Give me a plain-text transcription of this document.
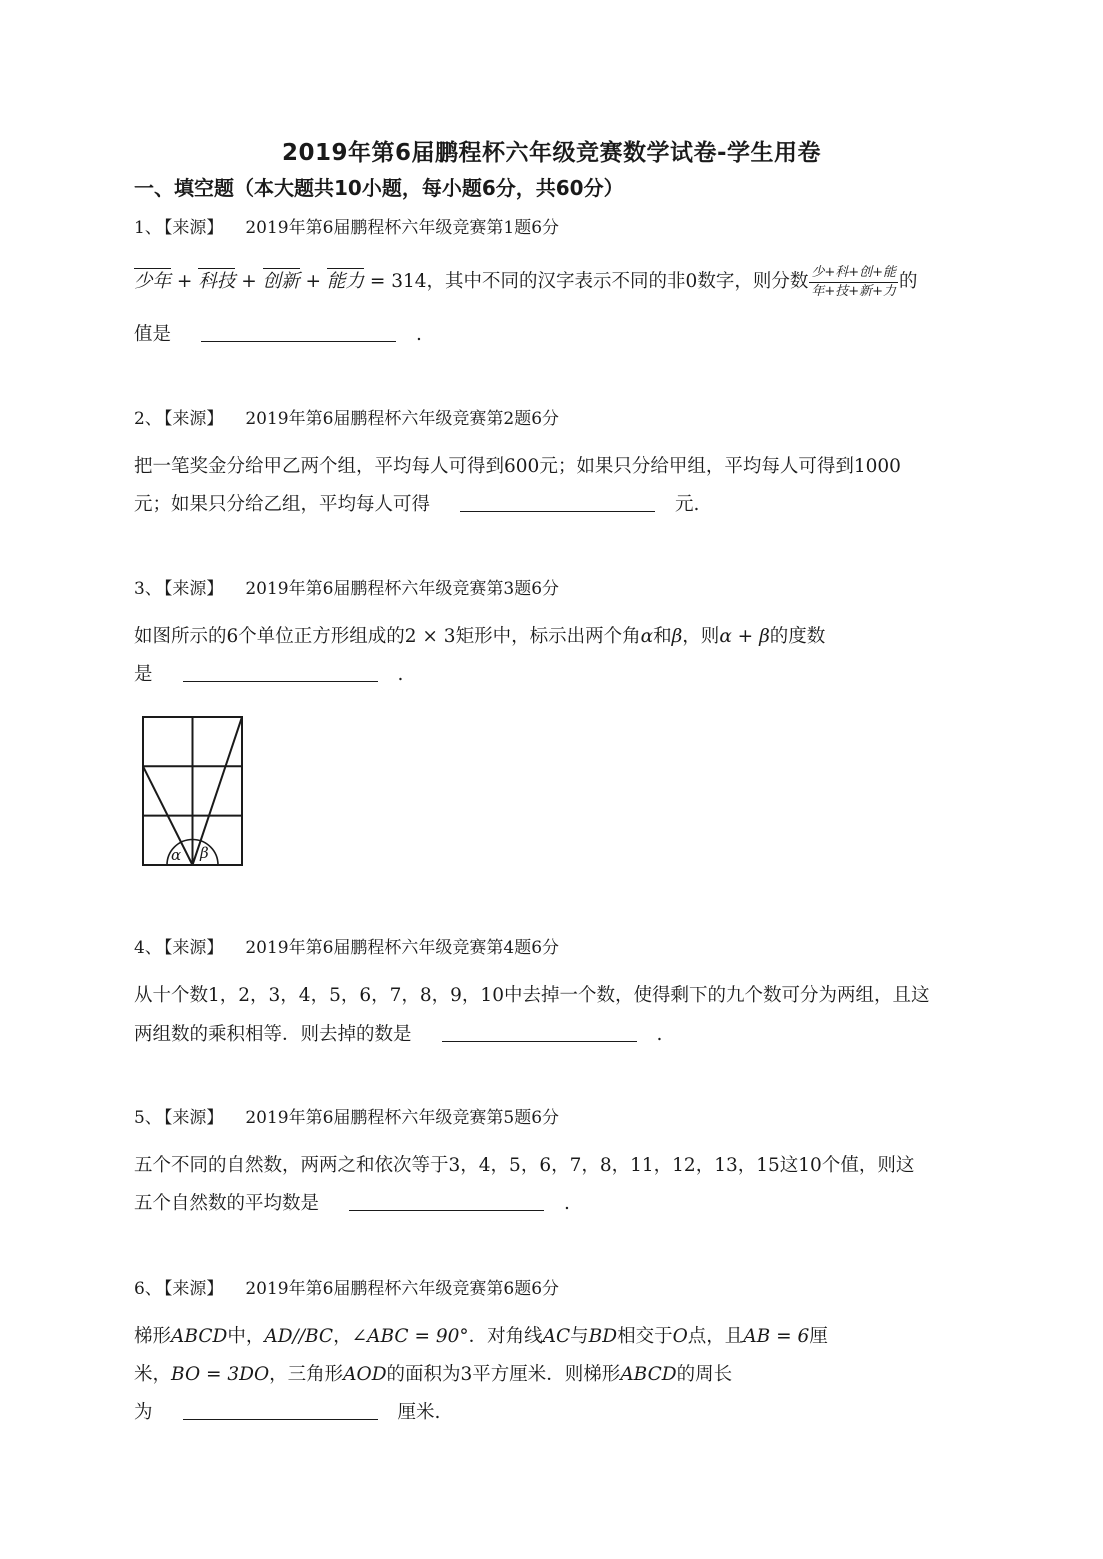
2019年第6届鹏程杯六年级竞赛数学试卷-学生用卷
一、填空题（本大题共10小题，每小题6分，共60分）
1、 【来源】 2019年第6届鹏程杯六年级竞赛第1题6分
少年 + 科技 + 创新 + 能力 = 314，其中不同的汉字表示不同的非0数字，则分数 $\frac{\text{少+科+创+能}}{\text{年+技+新+力}}$ 的
值是	.
2、 【来源】 2019年第6届鹏程杯六年级竞赛第2题6分
把一笔奖金分给甲乙两个组，平均每人可得到600元；如果只分给甲组，平均每人可得到1000
元；如果只分给乙组，平均每人可得	元.
3、 【来源】 2019年第6届鹏程杯六年级竞赛第3题6分
如图所示的6个单位正方形组成的2 × 3矩形中，标示出两个角α和β，则α + β的度数
是	.
α β
4、 【来源】 2019年第6届鹏程杯六年级竞赛第4题6分
从十个数1，2，3，4，5，6，7，8，9，10中去掉一个数，使得剩下的九个数可分为两组，且这
两组数的乘积相等．则去掉的数是	.
5、 【来源】 2019年第6届鹏程杯六年级竞赛第5题6分
五个不同的自然数，两两之和依次等于3，4，5，6，7，8，11，12，13，15这10个值，则这
五个自然数的平均数是	.
6、 【来源】 2019年第6届鹏程杯六年级竞赛第6题6分
梯形ABCD中，AD//BC，∠ABC = 90°．对角线AC与BD相交于O点，且AB = 6厘
米，BO = 3DO，三角形AOD的面积为3平方厘米．则梯形ABCD的周长
为	厘米.
